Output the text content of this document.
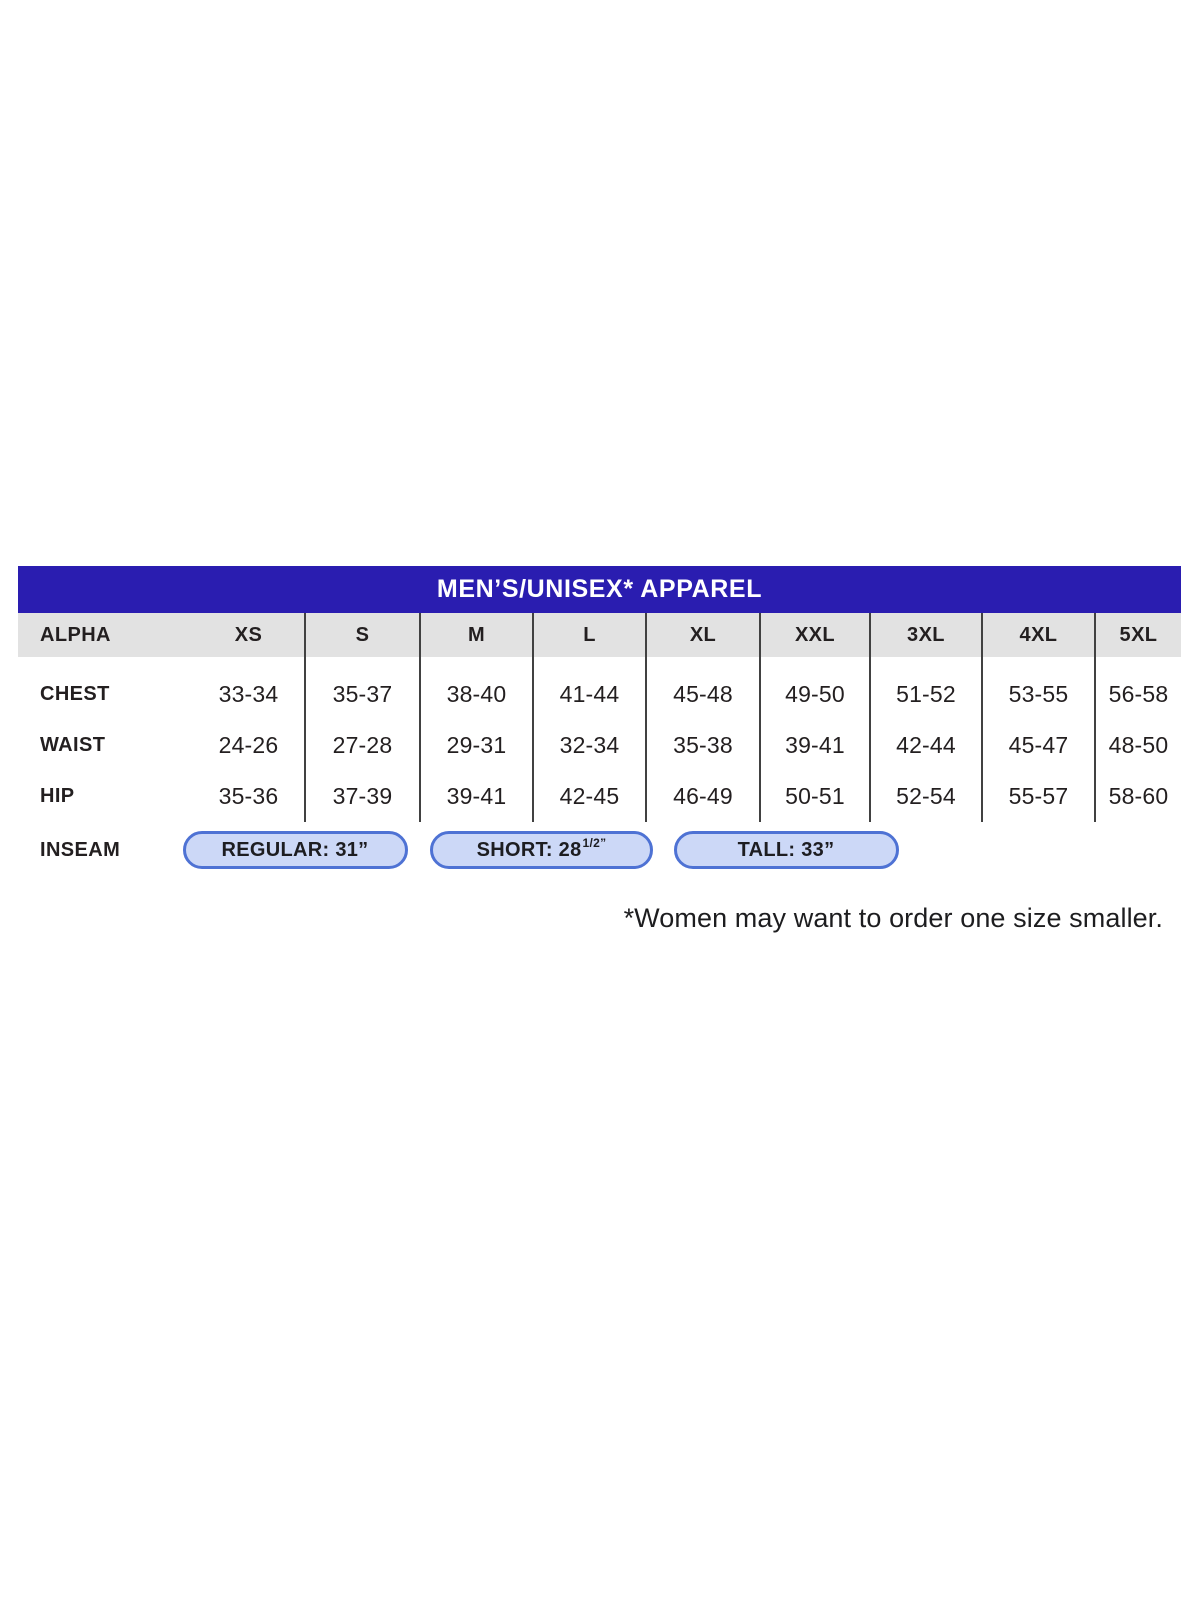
MEN’S/UNISEX* APPAREL
ALPHA	XS	S	M	L	XL	XXL	3XL	4XL	5XL
CHEST	33-34	35-37	38-40	41-44	45-48	49-50	51-52	53-55	56-58
WAIST	24-26	27-28	29-31	32-34	35-38	39-41	42-44	45-47	48-50
HIP	35-36	37-39	39-41	42-45	46-49	50-51	52-54	55-57	58-60
INSEAM	REGULAR: 31”	SHORT: $28^{1/2”}$	TALL: 33”
*Women may want to order one size smaller.
